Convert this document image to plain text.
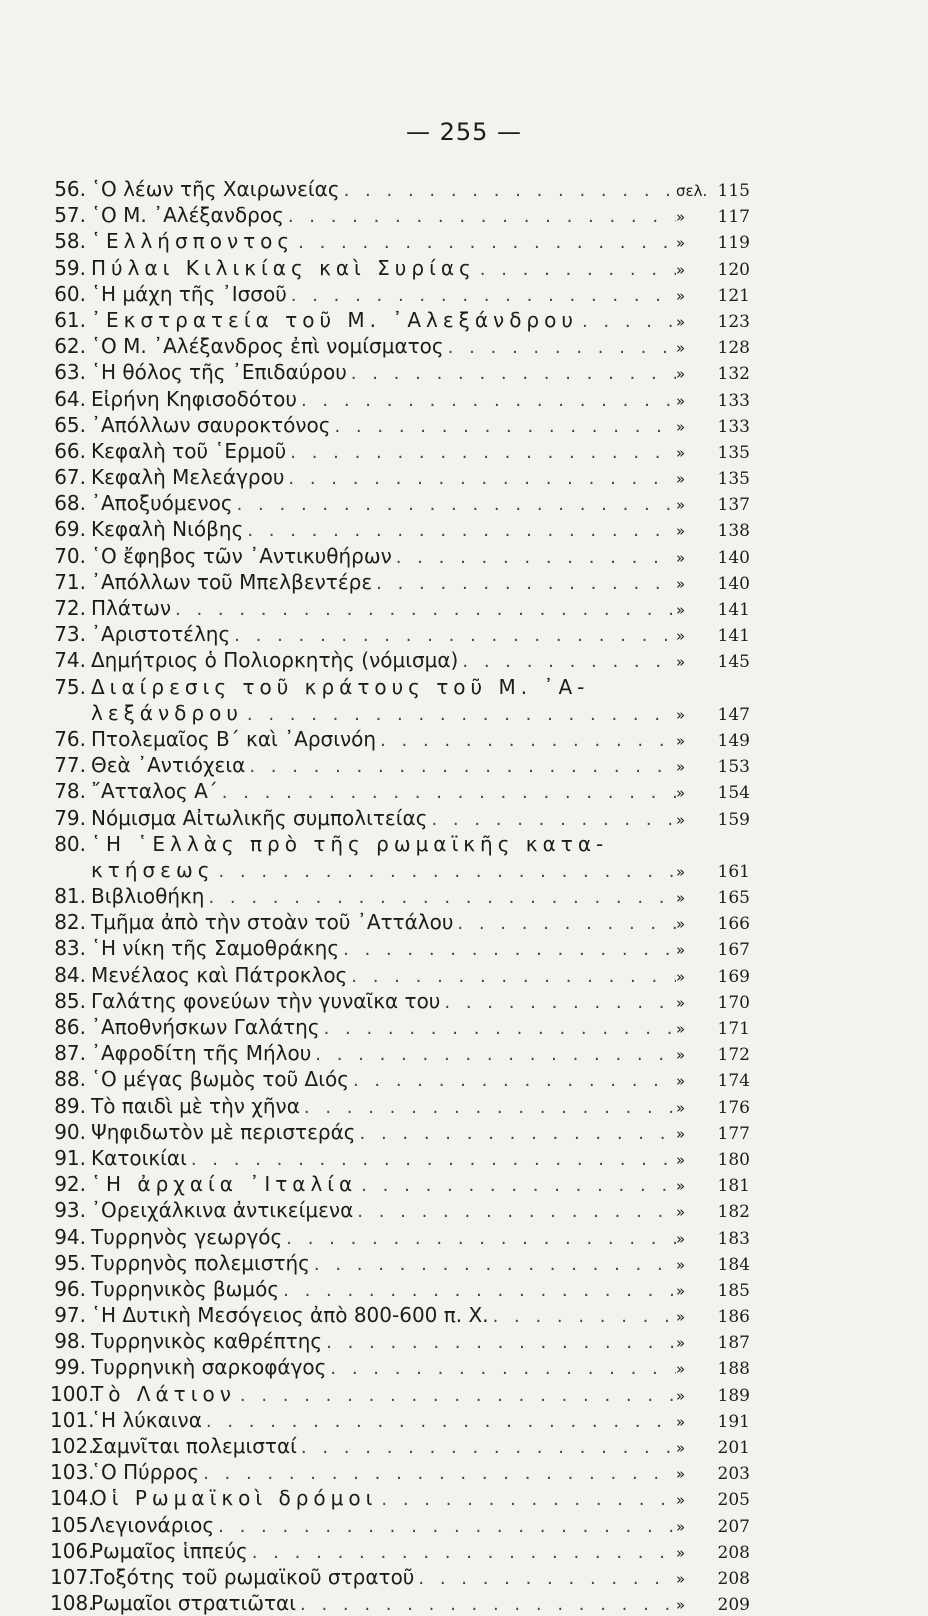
— 255 —
56. ῾Ο λέων τῆς Χαιρωνείας . . .	σελ. 115
57. ῾Ο Μ. ᾿Αλέξανδρος . . .	»	117
58. ῾Ελλήσποντος . . .	»	119
59. Πύλαι Κιλικίας καὶ Συρίας . . .	»	120
60. ῾Η μάχη τῆς ᾿Ισσοῦ . . .	»	121
61. ᾿Εκστρατεία τοῦ Μ. ᾿Αλεξάνδρου . . .	»	123
62. ῾Ο Μ. ᾿Αλέξανδρος ἐπὶ νομίσματος . . .	»	128
63. ῾Η θόλος τῆς ᾿Επιδαύρου . . .	»	132
64. Εἰρήνη Κηφισοδότου . . .	»	133
65. ᾿Απόλλων σαυροκτόνος . . .	»	133
66. Κεφαλὴ τοῦ ῾Ερμοῦ . . .	»	135
67. Κεφαλὴ Μελεάγρου . . .	»	135
68. ᾿Αποξυόμενος . . .	»	137
69. Κεφαλὴ Νιόβης . . .	»	138
70. ῾Ο ἔφηβος τῶν ᾿Αντικυθήρων . . .	»	140
71. ᾿Απόλλων τοῦ Μπελβεντέρε . . .	»	140
72. Πλάτων . . .	»	141
73. ᾿Αριστοτέλης . . .	»	141
74. Δημήτριος ὁ Πολιορκητὴς (νόμισμα) . . .	»	145
75. Διαίρεσις τοῦ κράτους τοῦ Μ. ᾿Α-
λεξάνδρου . . .	»	147
76. Πτολεμαῖος Β΄ καὶ ᾿Αρσινόη . . .	»	149
77. Θεὰ ᾿Αντιόχεια . . .	»	153
78. ῎Ατταλος Α΄ . . .	»	154
79. Νόμισμα Αἰτωλικῆς συμπολιτείας . . .	»	159
80. ῾Η ῾Ελλὰς πρὸ τῆς ρωμαϊκῆς κατα-
κτήσεως . . .	»	161
81. Βιβλιοθήκη . . .	»	165
82. Τμῆμα ἀπὸ τὴν στοὰν τοῦ ᾿Αττάλου . . .	»	166
83. ῾Η νίκη τῆς Σαμοθράκης . . .	»	167
84. Μενέλαος καὶ Πάτροκλος . . .	»	169
85. Γαλάτης φονεύων τὴν γυναῖκα του . . .	»	170
86. ᾿Αποθνήσκων Γαλάτης . . .	»	171
87. ᾿Αφροδίτη τῆς Μήλου . . .	»	172
88. ῾Ο μέγας βωμὸς τοῦ Διός . . .	»	174
89. Τὸ παιδὶ μὲ τὴν χῆνα . . .	»	176
90. Ψηφιδωτὸν μὲ περιστεράς . . .	»	177
91. Κατοικίαι . . .	»	180
92. ῾Η ἀρχαία ᾿Ιταλία . . .	»	181
93. ᾿Ορειχάλκινα ἀντικείμενα . . .	»	182
94. Τυρρηνὸς γεωργός . . .	»	183
95. Τυρρηνὸς πολεμιστής . . .	»	184
96. Τυρρηνικὸς βωμός . . .	»	185
97. ῾Η Δυτικὴ Μεσόγειος ἀπὸ 800-600 π. Χ. . . .	»	186
98. Τυρρηνικὸς καθρέπτης . . .	»	187
99. Τυρρηνικὴ σαρκοφάγος . . .	»	188
100.
Τὸ Λάτιον . . .	»	189
101.
῾Η λύκαινα . . .	»	191
102.
Σαμνῖται πολεμισταί . . .	»	201
103.
῾Ο Πύρρος . . .	»	203
104.
Οἱ Ρωμαϊκοὶ δρόμοι . . .	»	205
105.
Λεγιονάριος . . .	»	207
106.
Ρωμαῖος ἱππεύς . . .	»	208
107.
Τοξότης τοῦ ρωμαϊκοῦ στρατοῦ . . .	»	208
108.
Ρωμαῖοι στρατιῶται . . .	»	209
